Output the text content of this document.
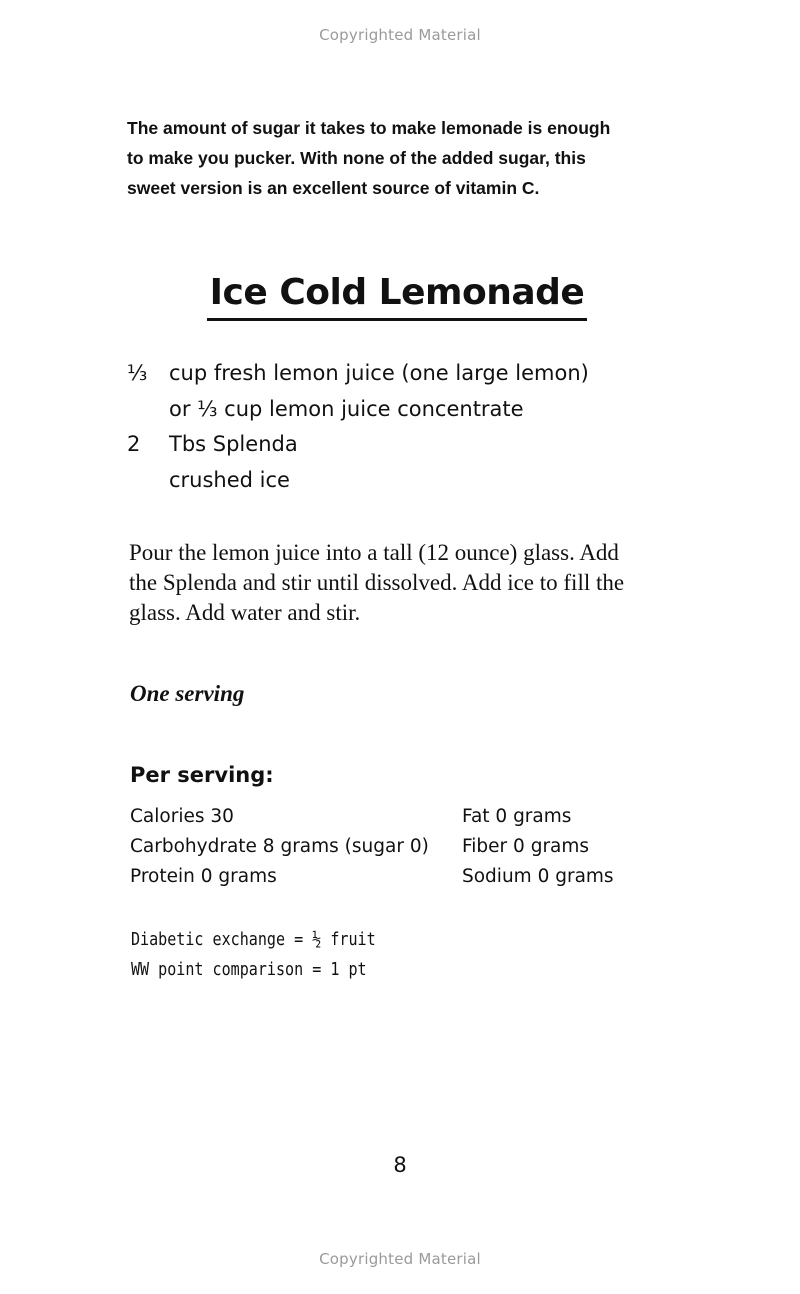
Copyrighted Material
The amount of sugar it takes to make lemonade is enough
to make you pucker. With none of the added sugar, this
sweet version is an excellent source of vitamin C.
Ice Cold Lemonade
⅓	cup fresh lemon juice (one large lemon)
or ⅓ cup lemon juice concentrate
2	Tbs Splenda
crushed ice
Pour the lemon juice into a tall (12 ounce) glass. Add
the Splenda and stir until dissolved. Add ice to fill the
glass. Add water and stir.
One serving
Per serving:
Calories 30
Carbohydrate 8 grams (sugar 0)
Protein 0 grams
Fat 0 grams
Fiber 0 grams
Sodium 0 grams
Diabetic exchange = ½ fruit
WW point comparison = 1 pt
8
Copyrighted Material
